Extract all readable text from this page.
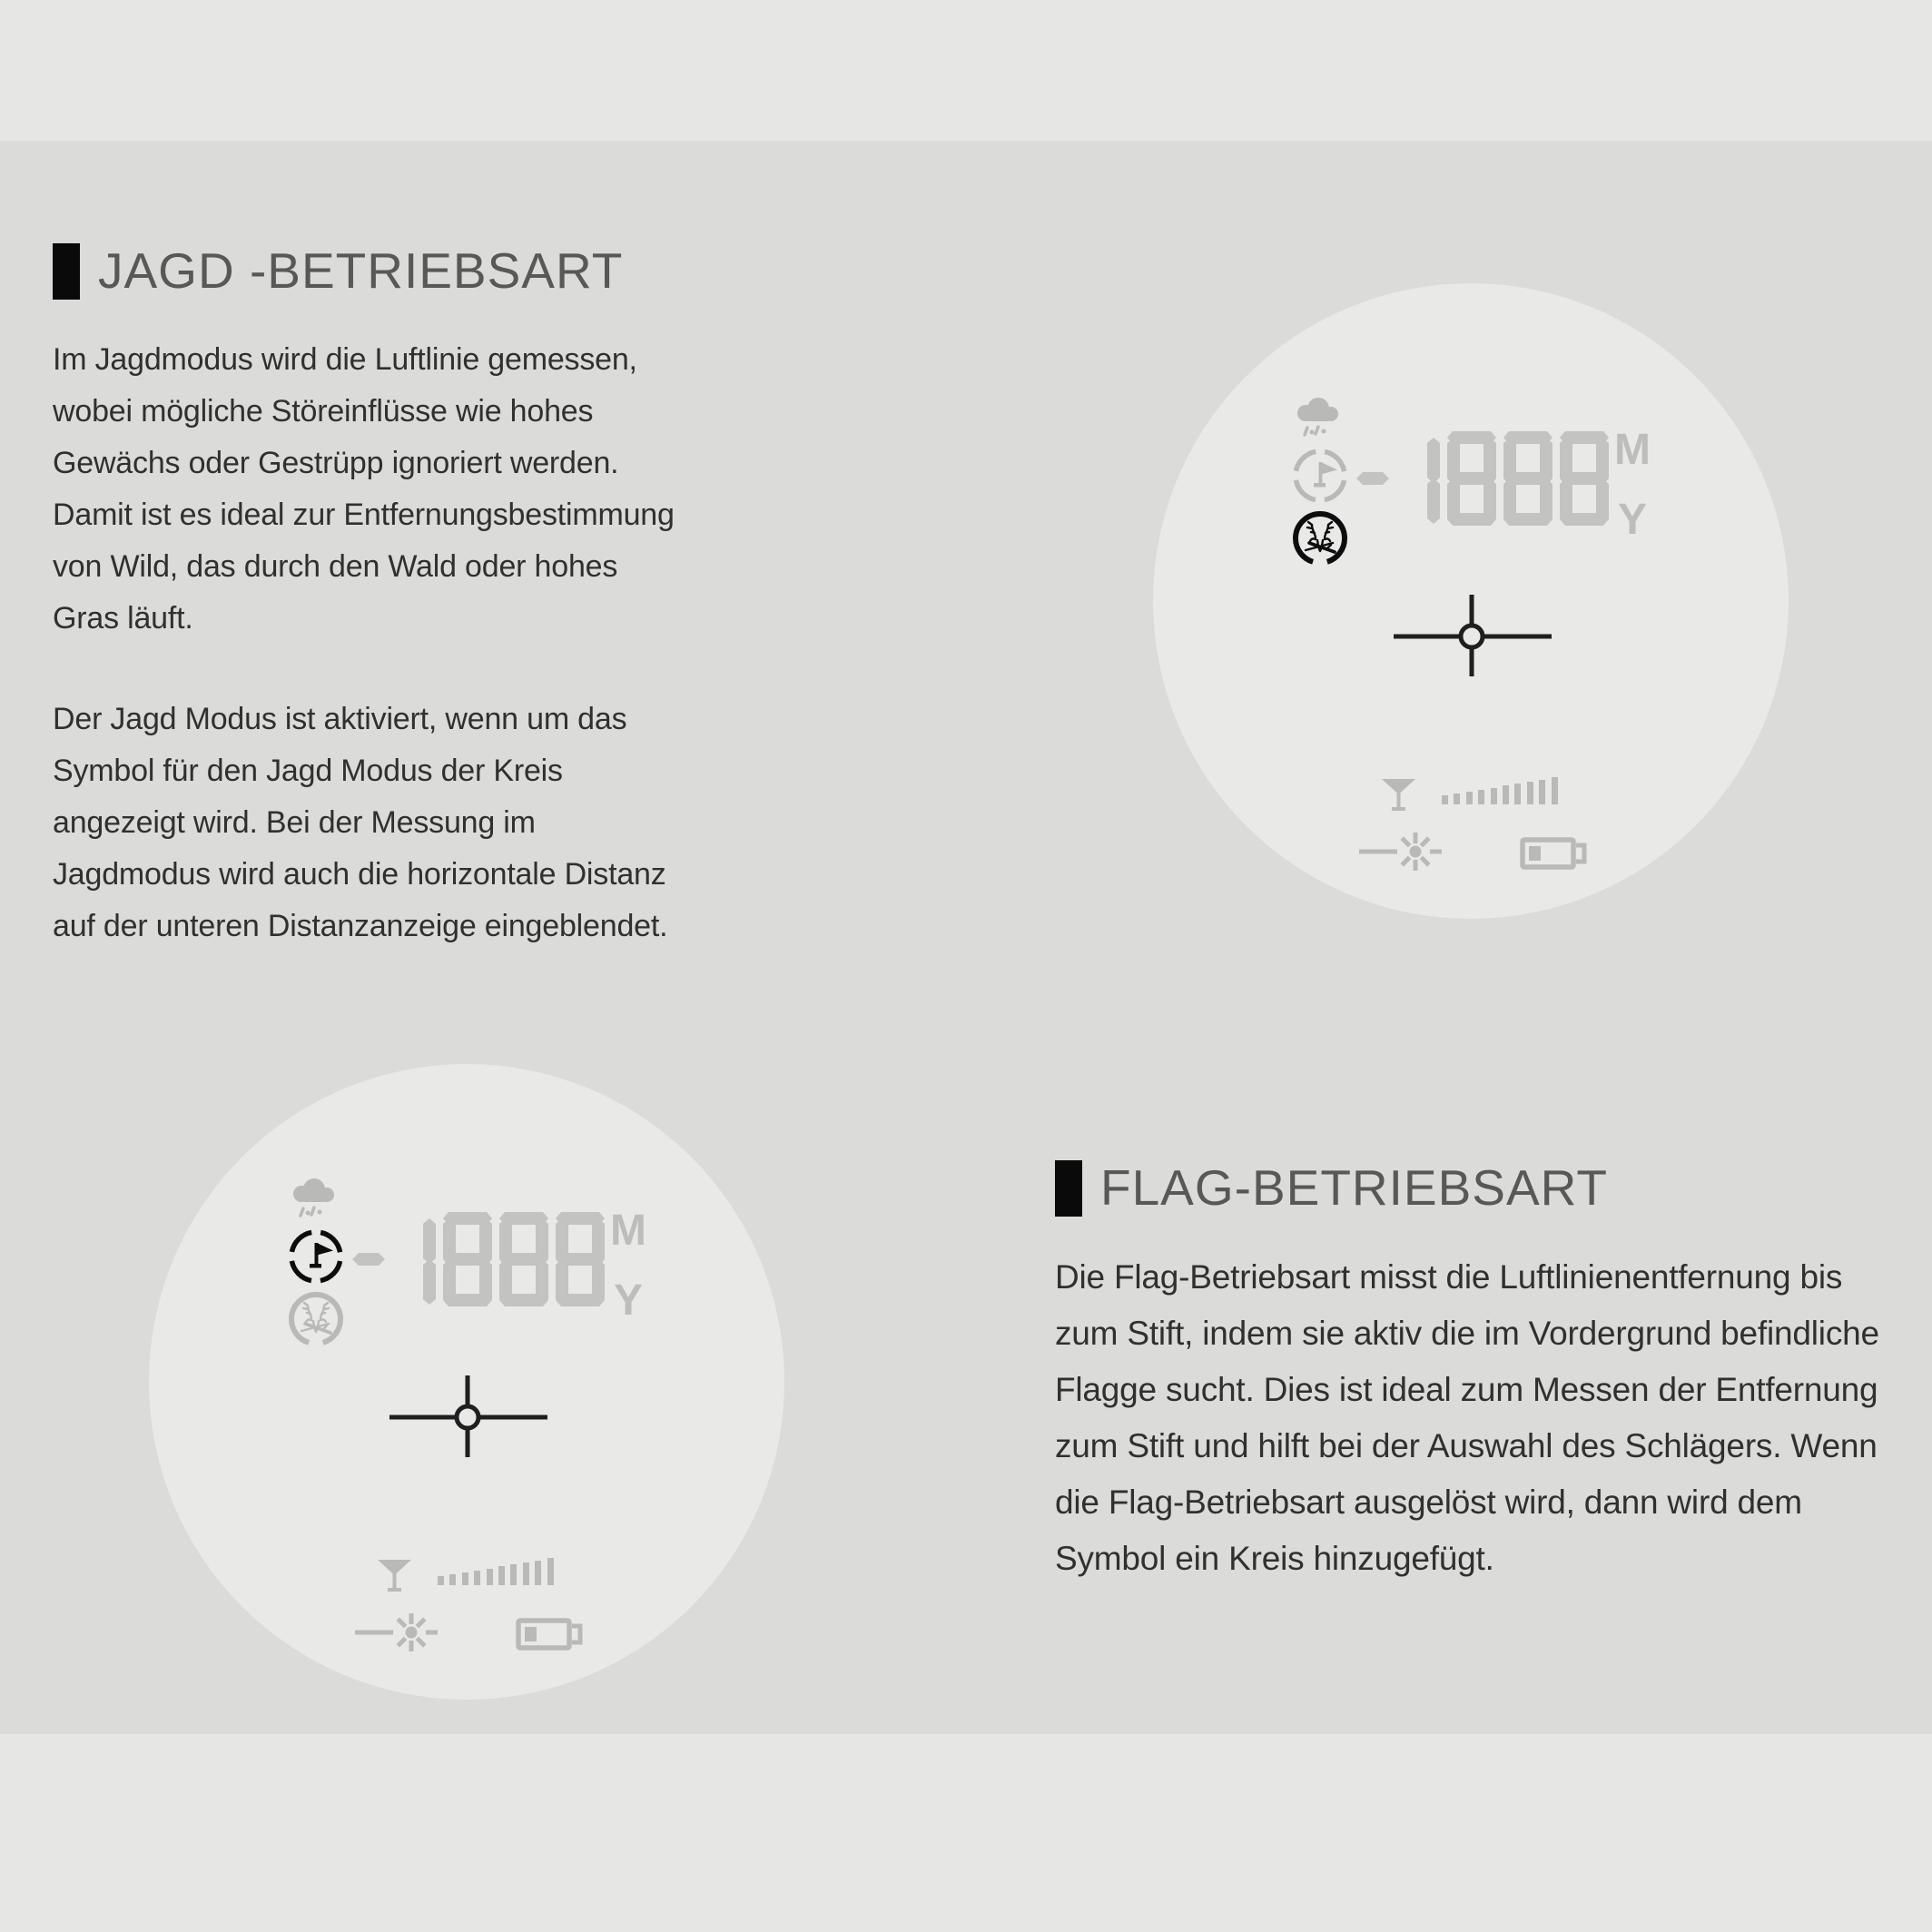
JAGD -BETRIEBSART

Im Jagdmodus wird die Luftlinie gemessen, wobei mögliche Störeinflüsse wie hohes Gewächs oder Gestrüpp ignoriert werden. Damit ist es ideal zur Entfernungsbestimmung von Wild, das durch den Wald oder hohes Gras läuft.

Der Jagd Modus ist aktiviert, wenn um das Symbol für den Jagd Modus der Kreis angezeigt wird. Bei der Messung im Jagdmodus wird auch die horizontale Distanz auf der unteren Distanzanzeige eingeblendet.

M
Y
M
Y
FLAG-BETRIEBSART

Die Flag-Betriebsart misst die Luftlinienentfernung bis zum Stift, indem sie aktiv die im Vordergrund befindliche Flagge sucht. Dies ist ideal zum Messen der Entfernung zum Stift und hilft bei der Auswahl des Schlägers. Wenn die Flag-Betriebsart ausgelöst wird, dann wird dem Symbol ein Kreis hinzugefügt.
